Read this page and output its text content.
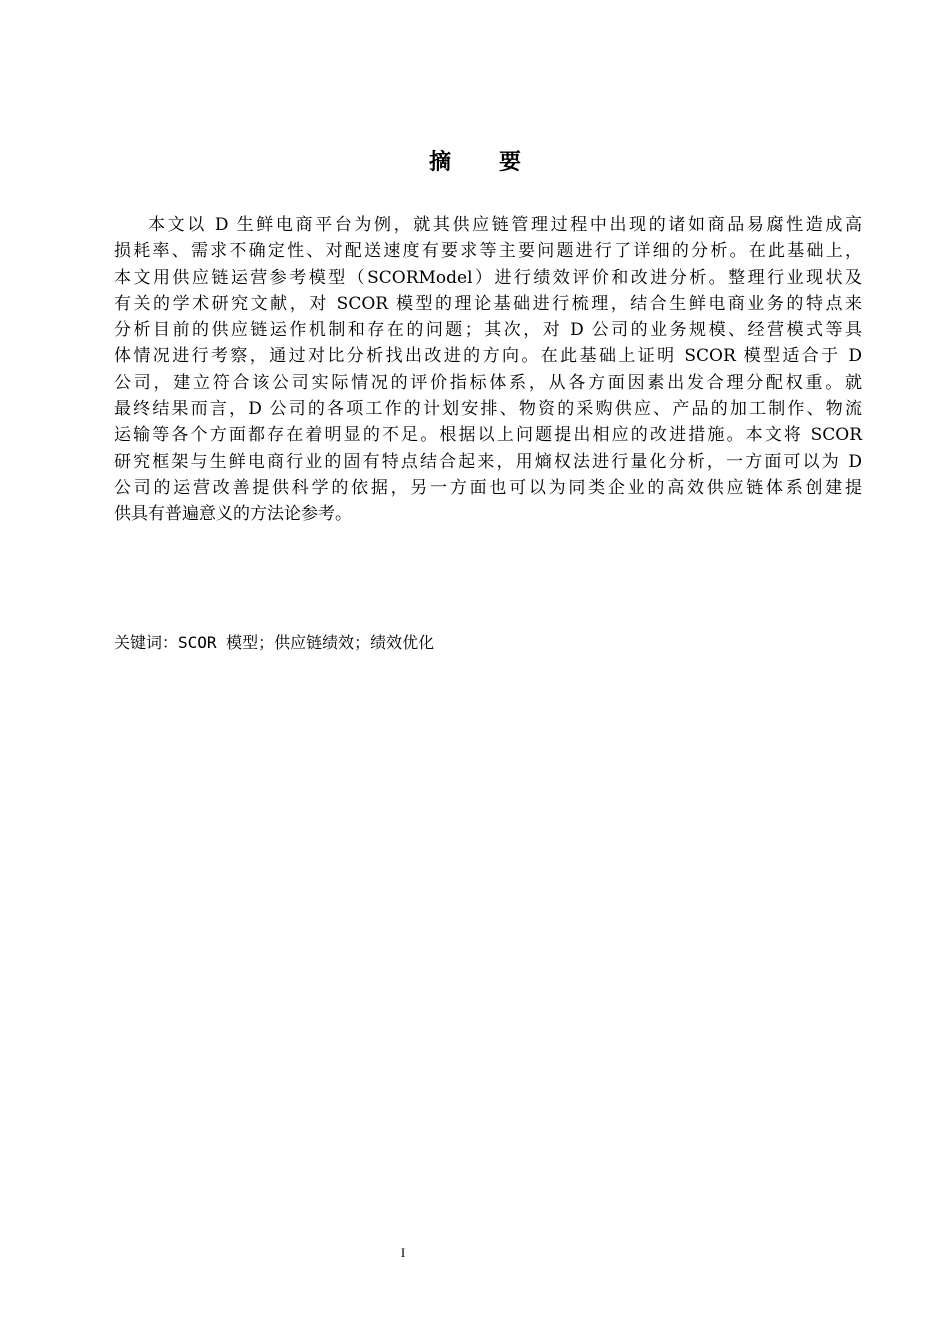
摘 要
本文以 D 生鲜电商平台为例，就其供应链管理过程中出现的诸如商品易腐性造成高
损耗率、需求不确定性、对配送速度有要求等主要问题进行了详细的分析。在此基础上，
本文用供应链运营参考模型（SCORModel）进行绩效评价和改进分析。整理行业现状及
有关的学术研究文献，对 SCOR 模型的理论基础进行梳理，结合生鲜电商业务的特点来
分析目前的供应链运作机制和存在的问题；其次，对 D 公司的业务规模、经营模式等具
体情况进行考察，通过对比分析找出改进的方向。在此基础上证明 SCOR 模型适合于 D
公司，建立符合该公司实际情况的评价指标体系，从各方面因素出发合理分配权重。就
最终结果而言，D 公司的各项工作的计划安排、物资的采购供应、产品的加工制作、物流
运输等各个方面都存在着明显的不足。根据以上问题提出相应的改进措施。本文将 SCOR
研究框架与生鲜电商行业的固有特点结合起来，用熵权法进行量化分析，一方面可以为 D
公司的运营改善提供科学的依据，另一方面也可以为同类企业的高效供应链体系创建提
供具有普遍意义的方法论参考。
关键词：SCOR 模型；供应链绩效；绩效优化
I
